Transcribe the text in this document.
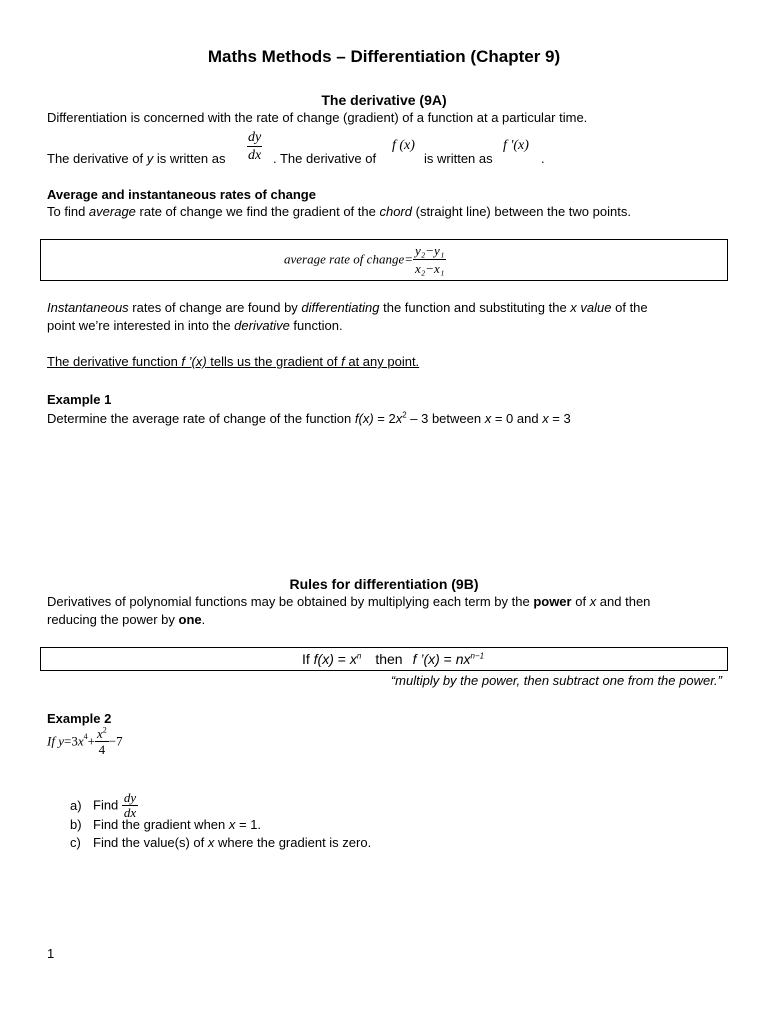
Maths Methods – Differentiation (Chapter 9)
The derivative (9A)
Differentiation is concerned with the rate of change (gradient) of a function at a particular time.
The derivative of y is written as $\frac{dy}{dx}$ . The derivative of
f (x)
is written as
f '(x)
.
Average and instantaneous rates of change
To find average rate of change we find the gradient of the chord (straight line) between the two points.
average rate of change= $\frac{\text{y₂−y₁}}{\text{x₂−x₁}}$
Instantaneous rates of change are found by differentiating the function and substituting the x value of the
point we’re interested in into the derivative function.
The derivative function f ’(x) tells us the gradient of f at any point.
Example 1
Determine the average rate of change of the function $f(x) = 2x^2 - 3$ between x = 0 and x = 3
Rules for differentiation (9B)
Derivatives of polynomial functions may be obtained by multiplying each term by the power of x and then
reducing the power by one.
If $f(x) = x^n$ then f ’(x) = $nx^{n-1}$
“multiply by the power, then subtract one from the power.”
Example 2
If $y=3x^4+ \frac{x^2}{4} -7$
a) Find $\frac{dy}{dx}$
b) Find the gradient when x = 1.
c) Find the value(s) of x where the gradient is zero.
1
